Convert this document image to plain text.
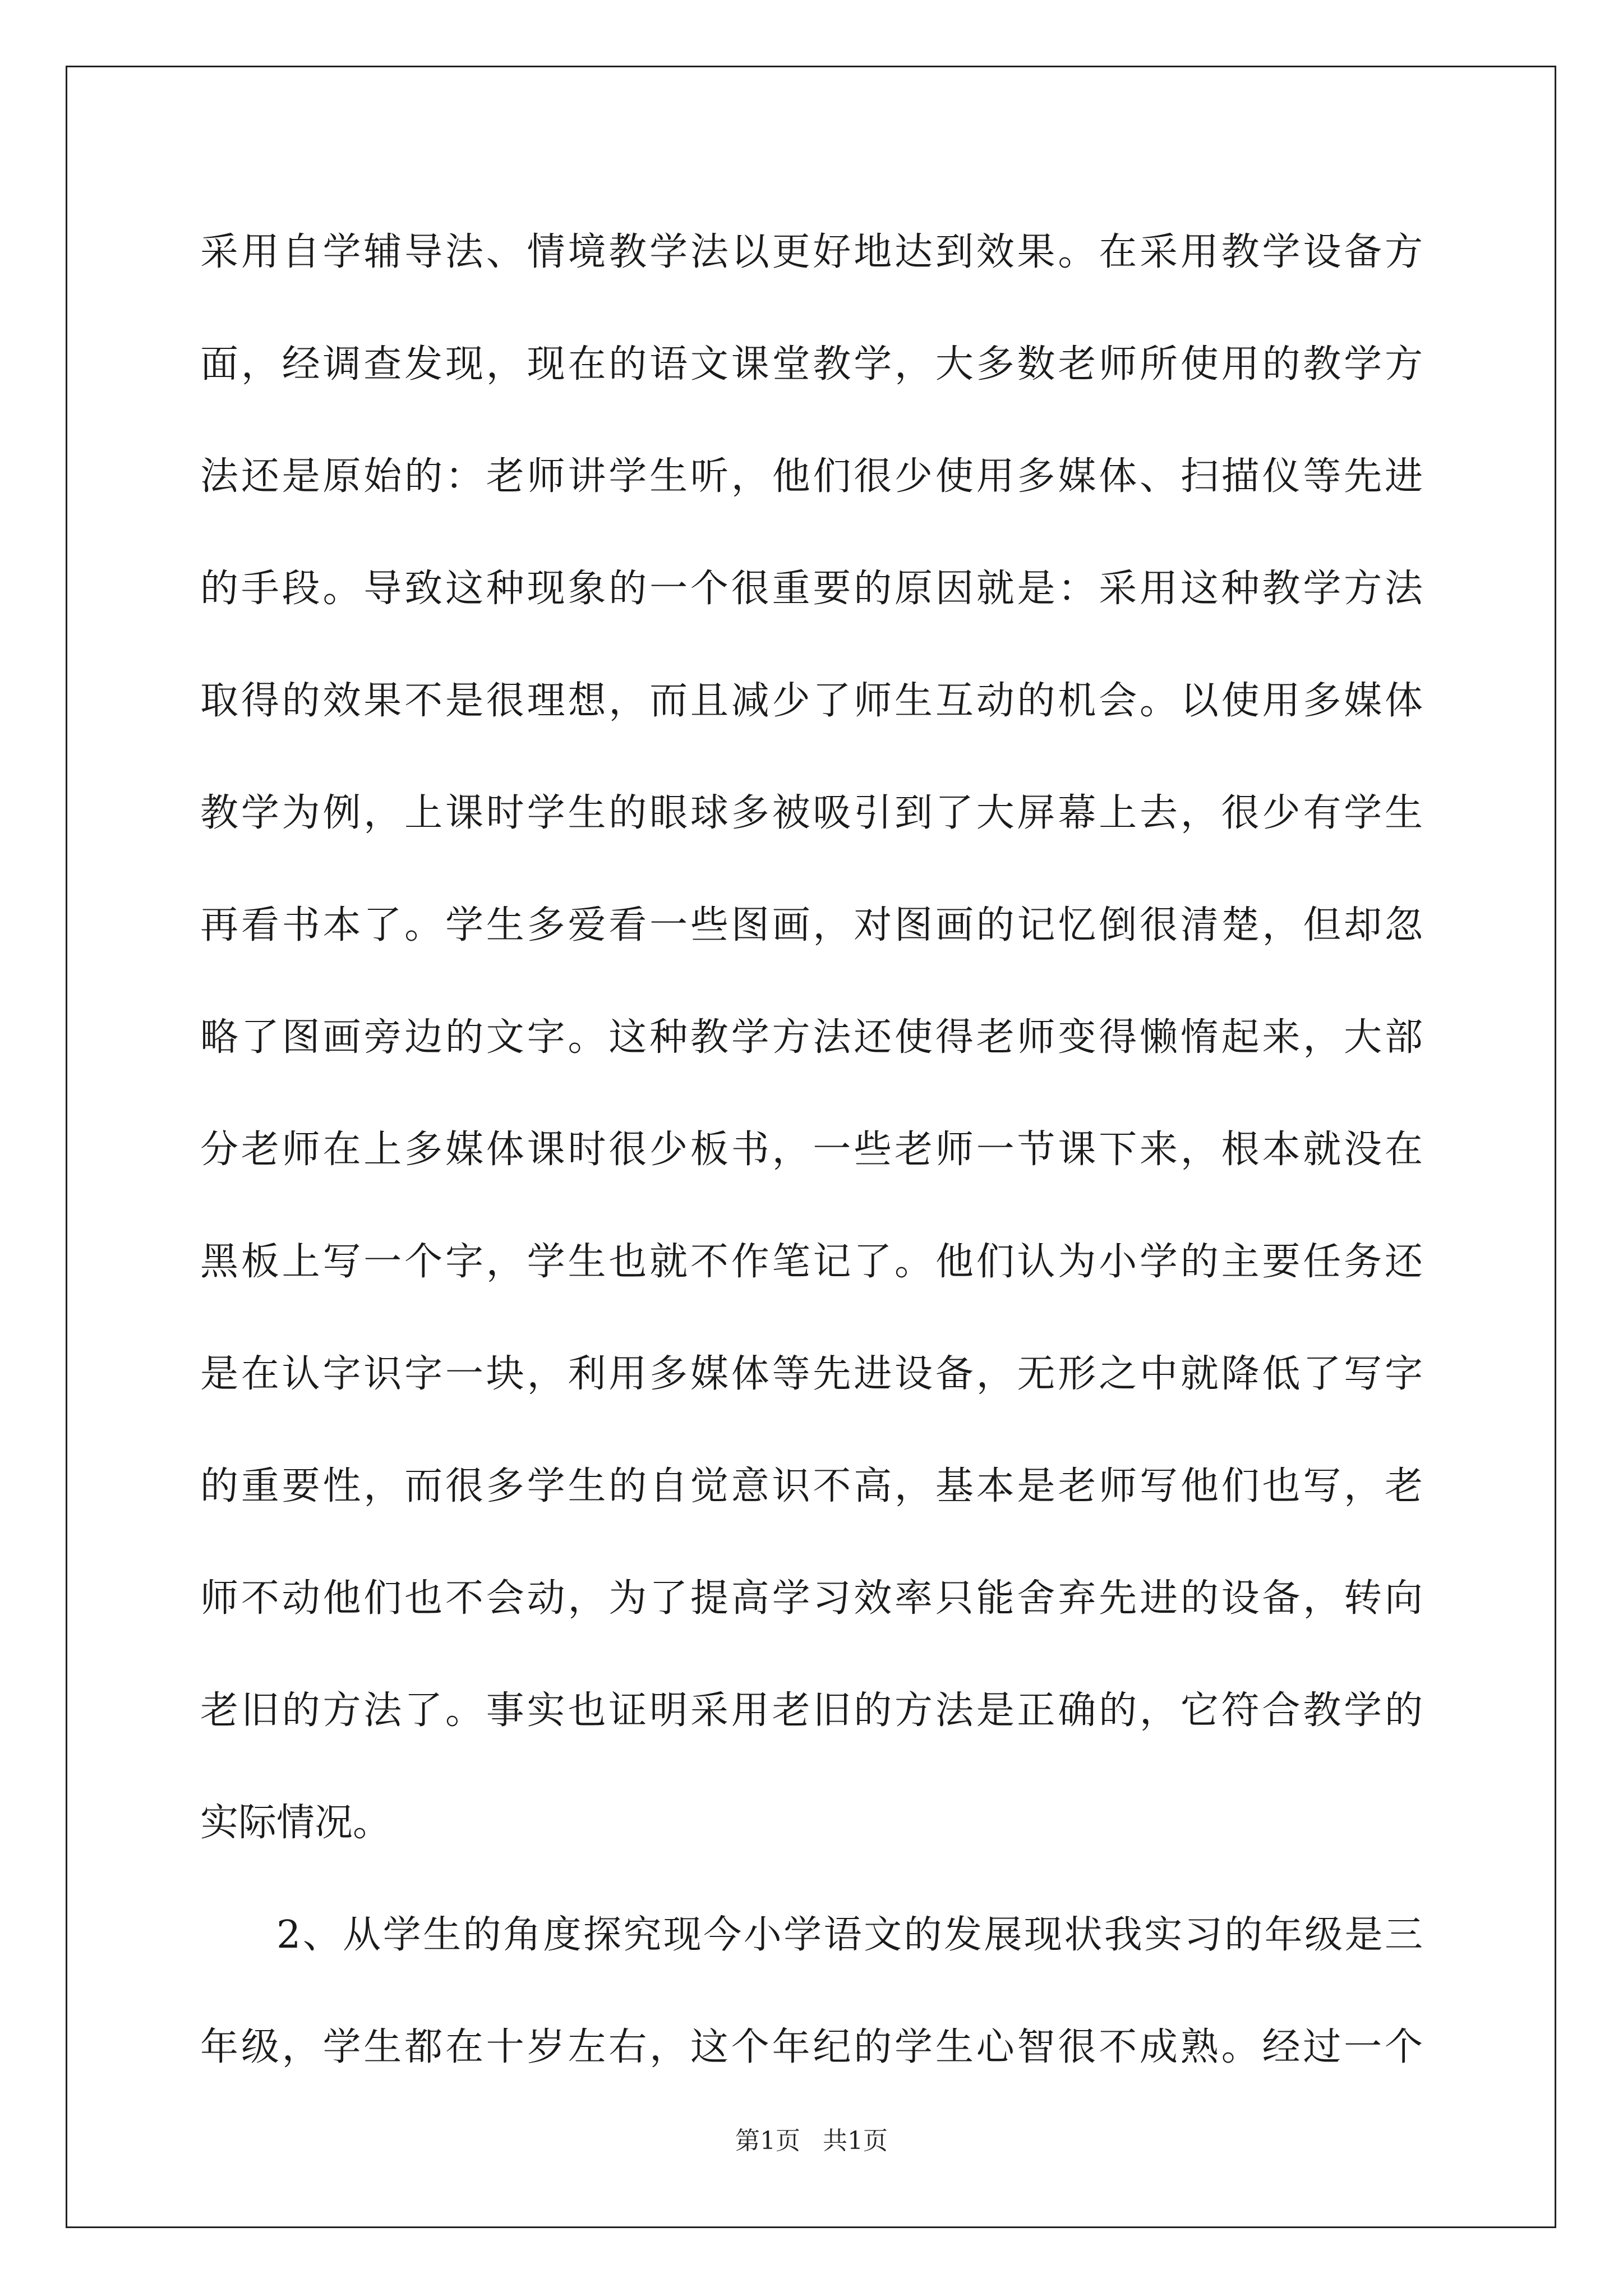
采用自学辅导法、情境教学法以更好地达到效果。在采用教学设备方
面，经调查发现，现在的语文课堂教学，大多数老师所使用的教学方
法还是原始的：老师讲学生听，他们很少使用多媒体、扫描仪等先进
的手段。导致这种现象的一个很重要的原因就是：采用这种教学方法
取得的效果不是很理想，而且减少了师生互动的机会。以使用多媒体
教学为例，上课时学生的眼球多被吸引到了大屏幕上去，很少有学生
再看书本了。学生多爱看一些图画，对图画的记忆倒很清楚，但却忽
略了图画旁边的文字。这种教学方法还使得老师变得懒惰起来，大部
分老师在上多媒体课时很少板书，一些老师一节课下来，根本就没在
黑板上写一个字，学生也就不作笔记了。他们认为小学的主要任务还
是在认字识字一块，利用多媒体等先进设备，无形之中就降低了写字
的重要性，而很多学生的自觉意识不高，基本是老师写他们也写，老
师不动他们也不会动，为了提高学习效率只能舍弃先进的设备，转向
老旧的方法了。事实也证明采用老旧的方法是正确的，它符合教学的
实际情况。
2、从学生的角度探究现今小学语文的发展现状我实习的年级是三
年级，学生都在十岁左右，这个年纪的学生心智很不成熟。经过一个
第1页 共1页
